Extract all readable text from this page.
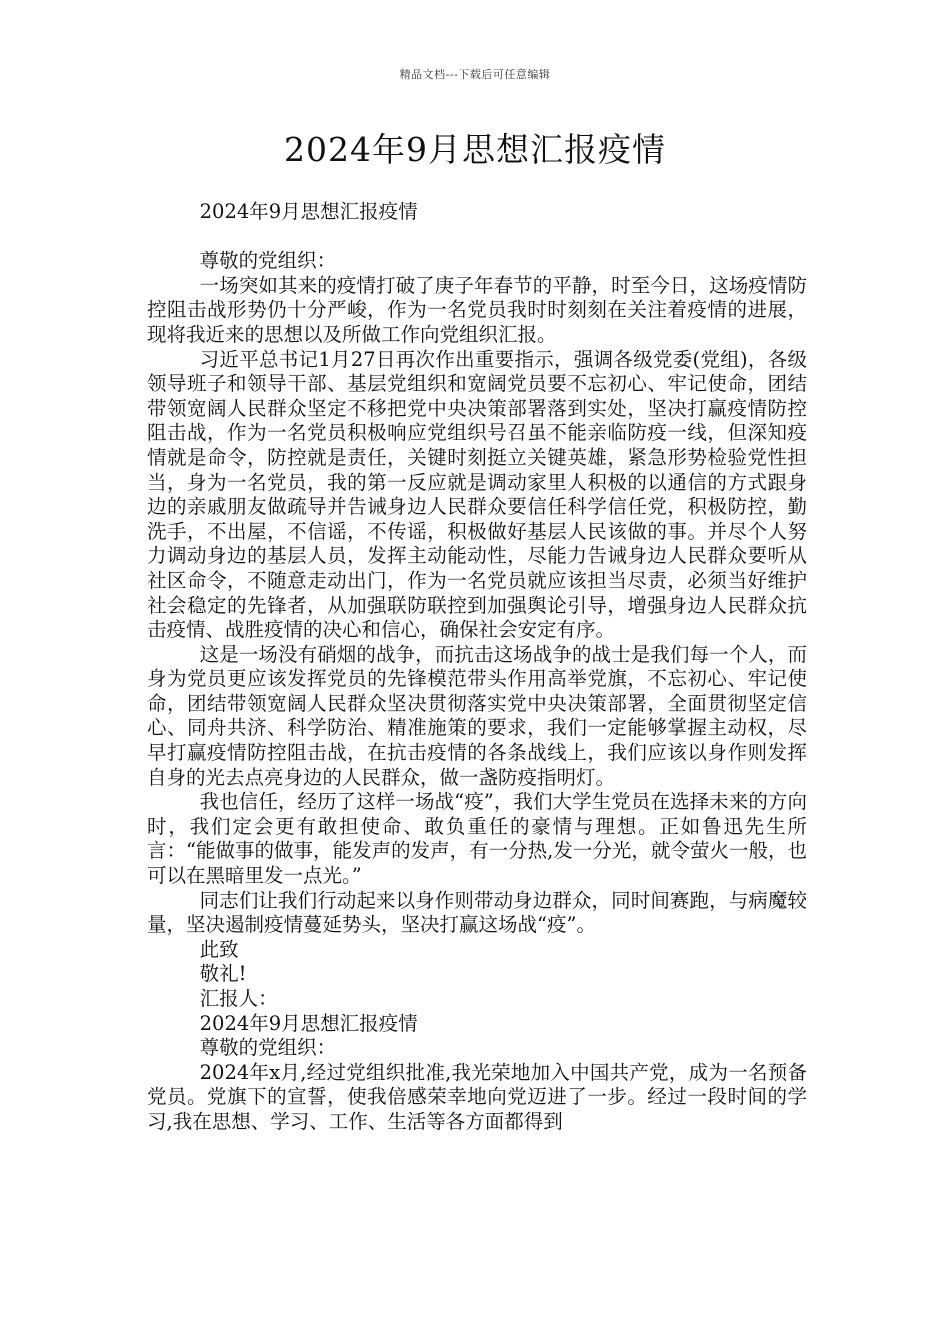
精品文档---下载后可任意编辑
2024年9月思想汇报疫情

2024年9月思想汇报疫情

尊敬的党组织：

一场突如其来的疫情打破了庚子年春节的平静，时至今日，这场疫情防控阻击战形势仍十分严峻，作为一名党员我时时刻刻在关注着疫情的进展，现将我近来的思想以及所做工作向党组织汇报。

习近平总书记1月27日再次作出重要指示，强调各级党委(党组)，各级领导班子和领导干部、基层党组织和宽阔党员要不忘初心、牢记使命，团结带领宽阔人民群众坚定不移把党中央决策部署落到实处，坚决打赢疫情防控阻击战，作为一名党员积极响应党组织号召虽不能亲临防疫一线，但深知疫情就是命令，防控就是责任，关键时刻挺立关键英雄，紧急形势检验党性担当，身为一名党员，我的第一反应就是调动家里人积极的以通信的方式跟身边的亲戚朋友做疏导并告诫身边人民群众要信任科学信任党，积极防控，勤洗手，不出屋，不信谣，不传谣，积极做好基层人民该做的事。并尽个人努力调动身边的基层人员，发挥主动能动性，尽能力告诫身边人民群众要听从社区命令，不随意走动出门，作为一名党员就应该担当尽责，必须当好维护社会稳定的先锋者，从加强联防联控到加强舆论引导，增强身边人民群众抗击疫情、战胜疫情的决心和信心，确保社会安定有序。

这是一场没有硝烟的战争，而抗击这场战争的战士是我们每一个人，而身为党员更应该发挥党员的先锋模范带头作用高举党旗，不忘初心、牢记使命，团结带领宽阔人民群众坚决贯彻落实党中央决策部署，全面贯彻坚定信心、同舟共济、科学防治、精准施策的要求，我们一定能够掌握主动权，尽早打赢疫情防控阻击战，在抗击疫情的各条战线上，我们应该以身作则发挥自身的光去点亮身边的人民群众，做一盏防疫指明灯。

我也信任，经历了这样一场战“疫”，我们大学生党员在选择未来的方向时，我们定会更有敢担使命、敢负重任的豪情与理想。正如鲁迅先生所言：“能做事的做事，能发声的发声，有一分热,发一分光，就令萤火一般，也可以在黑暗里发一点光。”

同志们让我们行动起来以身作则带动身边群众，同时间赛跑，与病魔较量，坚决遏制疫情蔓延势头，坚决打赢这场战“疫”。

此致

敬礼!

汇报人：

2024年9月思想汇报疫情

尊敬的党组织：

2024年x月,经过党组织批准,我光荣地加入中国共产党，成为一名预备党员。党旗下的宣誓，使我倍感荣幸地向党迈进了一步。经过一段时间的学习,我在思想、学习、工作、生活等各方面都得到
